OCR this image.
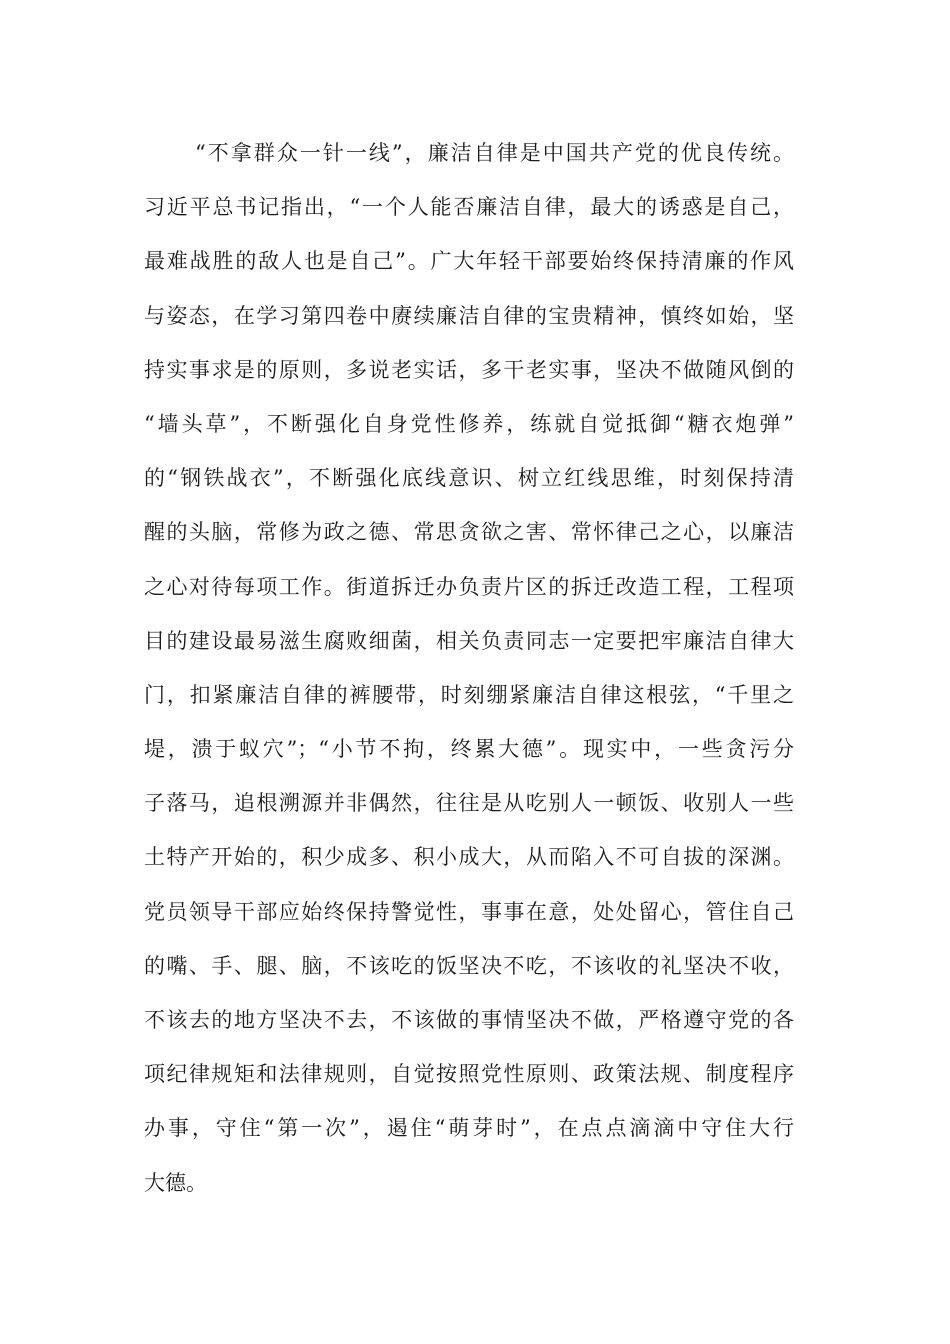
“不拿群众一针一线”，廉洁自律是中国共产党的优良传统。
习近平总书记指出，“一个人能否廉洁自律，最大的诱惑是自己，
最难战胜的敌人也是自己”。广大年轻干部要始终保持清廉的作风
与姿态，在学习第四卷中赓续廉洁自律的宝贵精神，慎终如始，坚
持实事求是的原则，多说老实话，多干老实事，坚决不做随风倒的
“墙头草”，不断强化自身党性修养，练就自觉抵御“糖衣炮弹”
的“钢铁战衣”，不断强化底线意识、树立红线思维，时刻保持清
醒的头脑，常修为政之德、常思贪欲之害、常怀律己之心，以廉洁
之心对待每项工作。街道拆迁办负责片区的拆迁改造工程，工程项
目的建设最易滋生腐败细菌，相关负责同志一定要把牢廉洁自律大
门，扣紧廉洁自律的裤腰带，时刻绷紧廉洁自律这根弦，“千里之
堤，溃于蚁穴”；“小节不拘，终累大德”。现实中，一些贪污分
子落马，追根溯源并非偶然，往往是从吃别人一顿饭、收别人一些
土特产开始的，积少成多、积小成大，从而陷入不可自拔的深渊。
党员领导干部应始终保持警觉性，事事在意，处处留心，管住自己
的嘴、手、腿、脑，不该吃的饭坚决不吃，不该收的礼坚决不收，
不该去的地方坚决不去，不该做的事情坚决不做，严格遵守党的各
项纪律规矩和法律规则，自觉按照党性原则、政策法规、制度程序
办事，守住“第一次”，遏住“萌芽时”，在点点滴滴中守住大行
大德。
